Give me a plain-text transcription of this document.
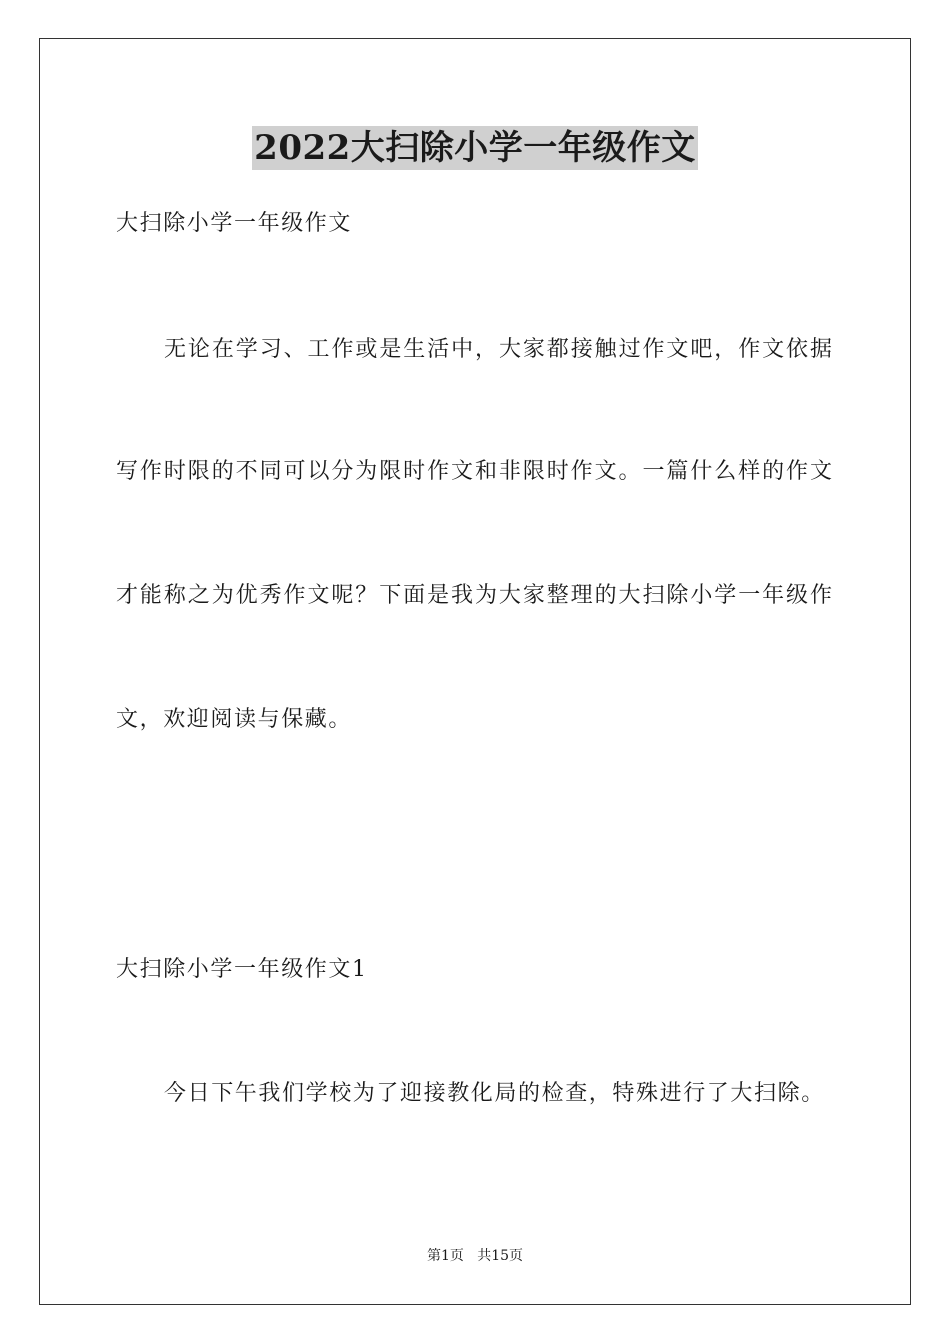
2022大扫除小学一年级作文
大扫除小学一年级作文
无论在学习、工作或是生活中，大家都接触过作文吧，作文依据
写作时限的不同可以分为限时作文和非限时作文。一篇什么样的作文
才能称之为优秀作文呢？下面是我为大家整理的大扫除小学一年级作
文，欢迎阅读与保藏。
大扫除小学一年级作文1
今日下午我们学校为了迎接教化局的检查，特殊进行了大扫除。
第1页   共15页
